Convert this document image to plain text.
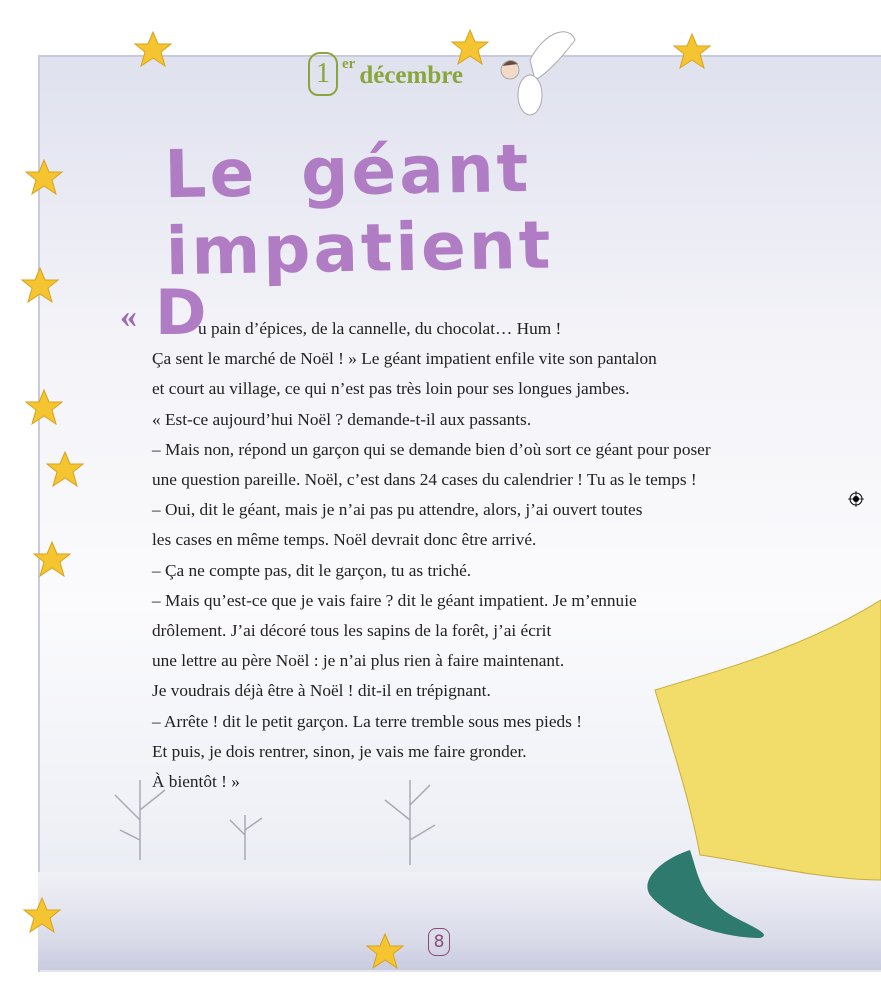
1 er décembre
Le géant impatient
« D
u pain d’épices, de la cannelle, du chocolat… Hum !
Ça sent le marché de Noël ! » Le géant impatient enfile vite son pantalon
et court au village, ce qui n’est pas très loin pour ses longues jambes.
« Est-ce aujourd’hui Noël ? demande-t-il aux passants.
– Mais non, répond un garçon qui se demande bien d’où sort ce géant pour poser
une question pareille. Noël, c’est dans 24 cases du calendrier ! Tu as le temps !
– Oui, dit le géant, mais je n’ai pas pu attendre, alors, j’ai ouvert toutes
les cases en même temps. Noël devrait donc être arrivé.
– Ça ne compte pas, dit le garçon, tu as triché.
– Mais qu’est-ce que je vais faire ? dit le géant impatient. Je m’ennuie
drôlement. J’ai décoré tous les sapins de la forêt, j’ai écrit
une lettre au père Noël : je n’ai plus rien à faire maintenant.
Je voudrais déjà être à Noël ! dit-il en trépignant.
– Arrête ! dit le petit garçon. La terre tremble sous mes pieds !
Et puis, je dois rentrer, sinon, je vais me faire gronder.
À bientôt ! »
8
